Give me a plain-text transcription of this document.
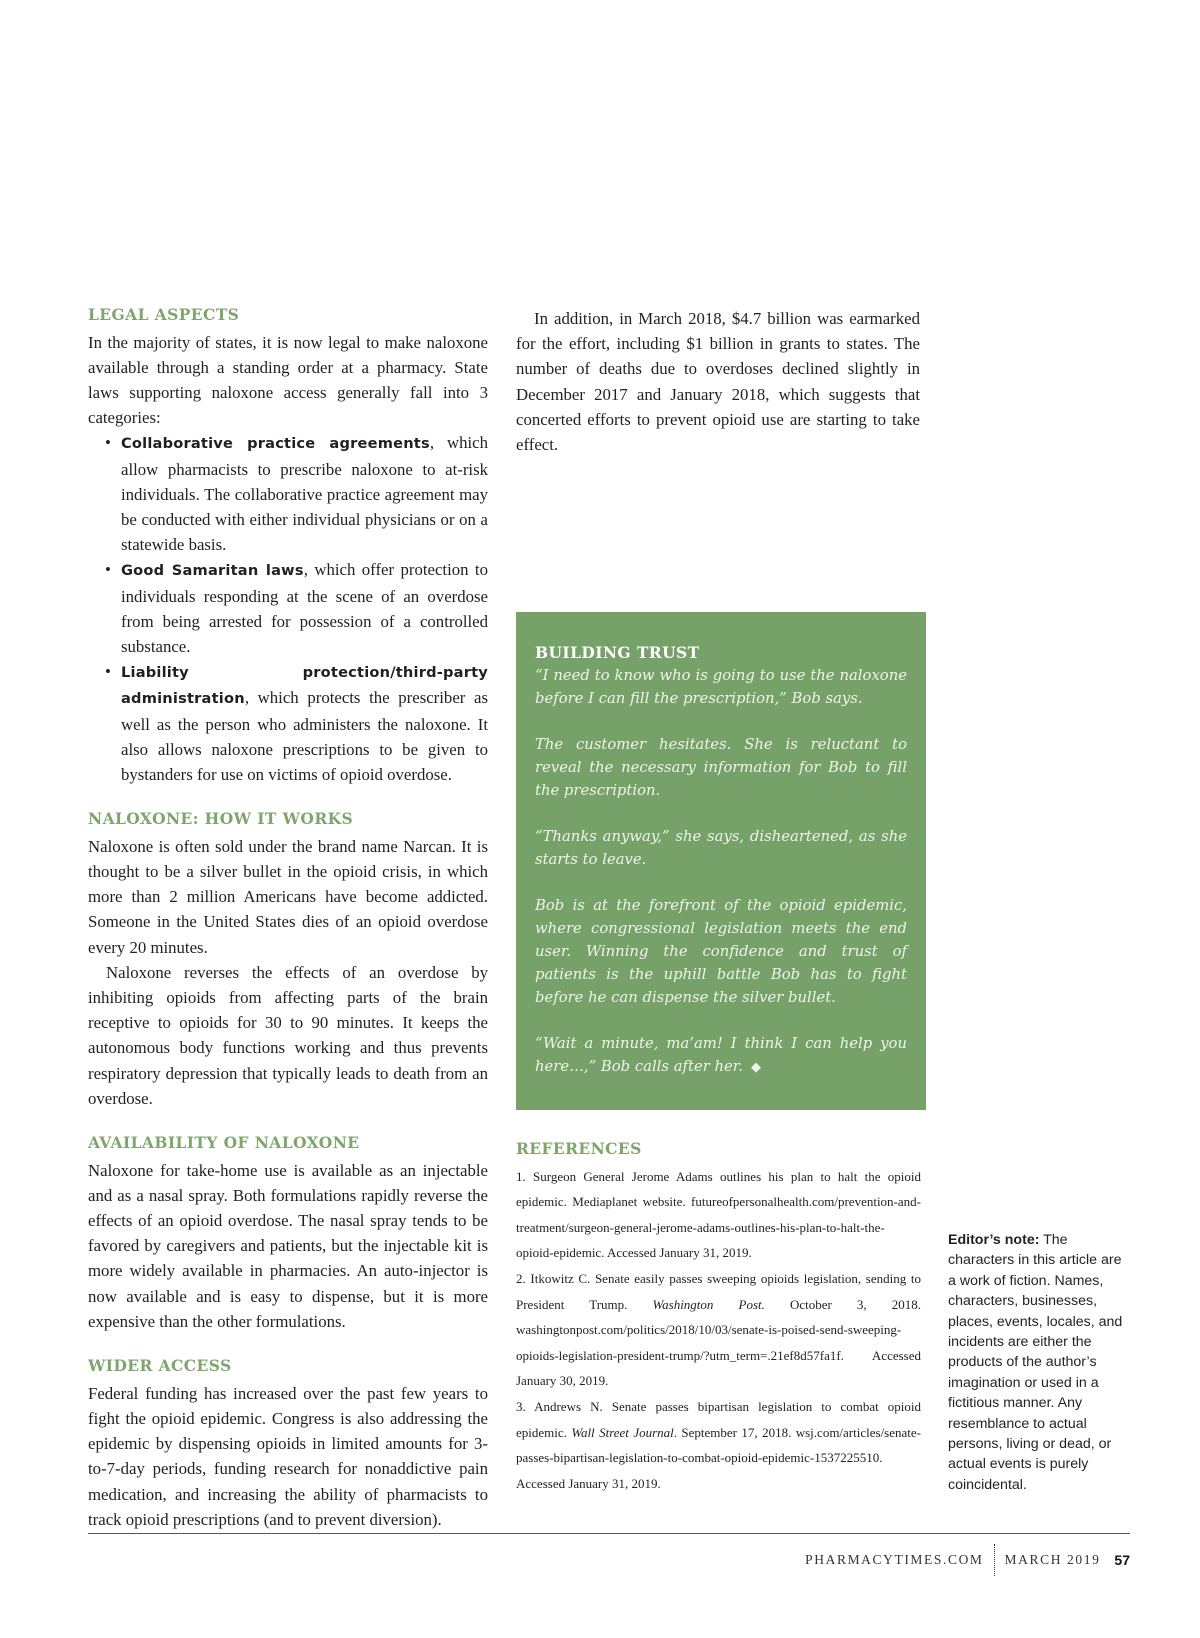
LEGAL ASPECTS

In the majority of states, it is now legal to make naloxone available through a standing order at a pharmacy. State laws supporting naloxone access generally fall into 3 categories:

• Collaborative practice agreements, which allow pharmacists to prescribe naloxone to at-risk individuals. The collaborative practice agreement may be conducted with either individual physicians or on a statewide basis.
• Good Samaritan laws, which offer protection to individuals responding at the scene of an overdose from being arrested for possession of a controlled substance.
• Liability protection/third-party administration, which protects the prescriber as well as the person who administers the naloxone. It also allows naloxone prescriptions to be given to bystanders for use on victims of opioid overdose.
NALOXONE: HOW IT WORKS

Naloxone is often sold under the brand name Narcan. It is thought to be a silver bullet in the opioid crisis, in which more than 2 million Americans have become addicted. Someone in the United States dies of an opioid overdose every 20 minutes.

Naloxone reverses the effects of an overdose by inhibiting opioids from affecting parts of the brain receptive to opioids for 30 to 90 minutes. It keeps the autonomous body functions working and thus prevents respiratory depression that typically leads to death from an overdose.

AVAILABILITY OF NALOXONE

Naloxone for take-home use is available as an injectable and as a nasal spray. Both formulations rapidly reverse the effects of an opioid overdose. The nasal spray tends to be favored by caregivers and patients, but the injectable kit is more widely available in pharmacies. An auto-injector is now available and is easy to dispense, but it is more expensive than the other formulations.

WIDER ACCESS

Federal funding has increased over the past few years to fight the opioid epidemic. Congress is also addressing the epidemic by dispensing opioids in limited amounts for 3- to-7-day periods, funding research for nonaddictive pain medication, and increasing the ability of pharmacists to track opioid prescriptions (and to prevent diversion).

In addition, in March 2018, $4.7 billion was earmarked for the effort, including $1 billion in grants to states. The number of deaths due to overdoses declined slightly in December 2017 and January 2018, which suggests that concerted efforts to prevent opioid use are starting to take effect.

BUILDING TRUST

“I need to know who is going to use the naloxone before I can fill the prescription,” Bob says.

The customer hesitates. She is reluctant to reveal the necessary information for Bob to fill the prescription.

“Thanks anyway,” she says, disheartened, as she starts to leave.

Bob is at the forefront of the opioid epidemic, where congressional legislation meets the end user. Winning the confidence and trust of patients is the uphill battle Bob has to fight before he can dispense the silver bullet.

“Wait a minute, ma’am! I think I can help you here…,” Bob calls after her. ◆

REFERENCES
1. Surgeon General Jerome Adams outlines his plan to halt the opioid epidemic. Mediaplanet website. futureofpersonalhealth.com/prevention-and-treatment/surgeon-general-jerome-adams-outlines-his-plan-to-halt-the-opioid-epidemic. Accessed January 31, 2019.
2. Itkowitz C. Senate easily passes sweeping opioids legislation, sending to President Trump. Washington Post. October 3, 2018. washingtonpost.com/politics/2018/10/03/senate-is-poised-send-sweeping-opioids-legislation-president-trump/?utm_term=.21ef8d57fa1f. Accessed January 30, 2019.
3. Andrews N. Senate passes bipartisan legislation to combat opioid epidemic. Wall Street Journal. September 17, 2018. wsj.com/articles/senate-passes-bipartisan-legislation-to-combat-opioid-epidemic-1537225510. Accessed January 31, 2019.
Editor’s note: The characters in this article are a work of fiction. Names, characters, businesses, places, events, locales, and incidents are either the products of the author’s imagination or used in a fictitious manner. Any resemblance to actual persons, living or dead, or actual events is purely coincidental.
PHARMACYTIMES.COM MARCH 2019 57
